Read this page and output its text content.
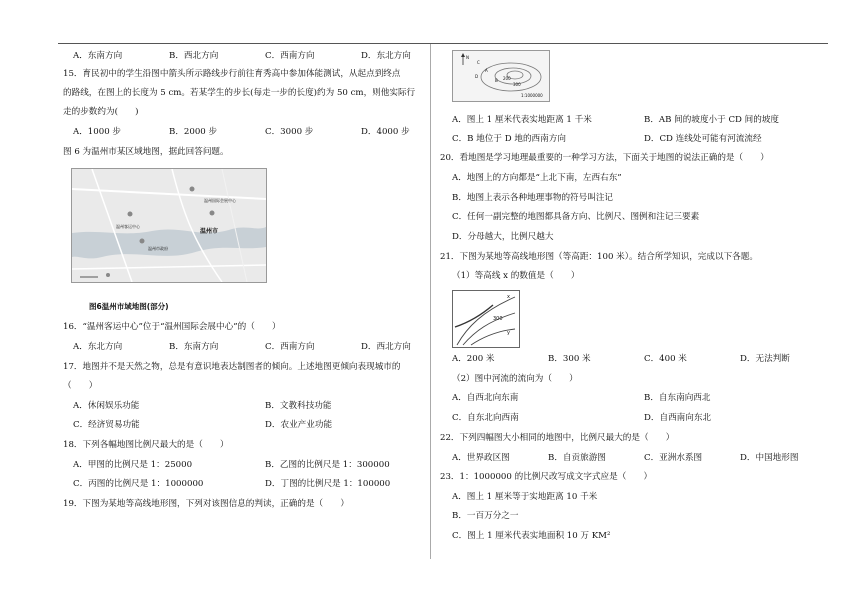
A．东南方向	B．西北方向	C．西南方向	D．东北方向
15．育民初中的学生沿图中箭头所示路线步行前往育秀高中参加体能测试，从起点到终点
的路线，在图上的长度为 5 cm。若某学生的步长(每走一步的长度)约为 50 cm，则他实际行
走的步数约为(　　)
A．1000 步	B．2000 步	C．3000 步	D．4000 步
图 6 为温州市某区域地图，据此回答问题。
温州市
温州国际会展中心
温州客运中心
温州市政府
图6温州市域地图(部分)
16．“温州客运中心”位于“温州国际会展中心”的（　　）
A．东北方向	B．东南方向	C．西南方向	D．西北方向
17．地图并不是天然之物，总是有意识地表达制图者的倾向。上述地图更倾向表现城市的
（　　）
A．休闲娱乐功能	B．文教科技功能
C．经济贸易功能	D．农业产业功能
18．下列各幅地图比例尺最大的是（　　）
A．甲图的比例尺是 1：25000	B．乙图的比例尺是 1：300000
C．丙图的比例尺是 1：1000000	D．丁图的比例尺是 1：100000
19．下图为某地等高线地形图，下列对该图信息的判读，正确的是（　　）
N
200
300
A
B
C
D
1:1000000
A．图上 1 厘米代表实地距离 1 千米	B．AB 间的坡度小于 CD 间的坡度
C．B 地位于 D 地的西南方向	D．CD 连线处可能有河流流经
20．看地图是学习地理最重要的一种学习方法，下面关于地图的说法正确的是（　　）
A．地图上的方向都是“上北下南，左西右东”
B．地图上表示各种地理事物的符号叫注记
C．任何一副完整的地图都具备方向、比例尺、图例和注记三要素
D．分母越大，比例尺越大
21．下图为某地等高线地形图（等高距：100 米）。结合所学知识，完成以下各题。
（1）等高线 x 的数值是（　　）
300
x
y
A．200 米	B．300 米	C．400 米	D．无法判断
（2）图中河流的流向为（　　）
A．自西北向东南	B．自东南向西北
C．自东北向西南	D．自西南向东北
22．下列四幅图大小相同的地图中，比例尺最大的是（　　）
A．世界政区图	B．自贡旅游图	C．亚洲水系图	D．中国地形图
23．1：1000000 的比例尺改写成文字式应是（　　）
A．图上 1 厘米等于实地距离 10 千米
B．一百万分之一
C．图上 1 厘米代表实地面积 10 万 KM²
